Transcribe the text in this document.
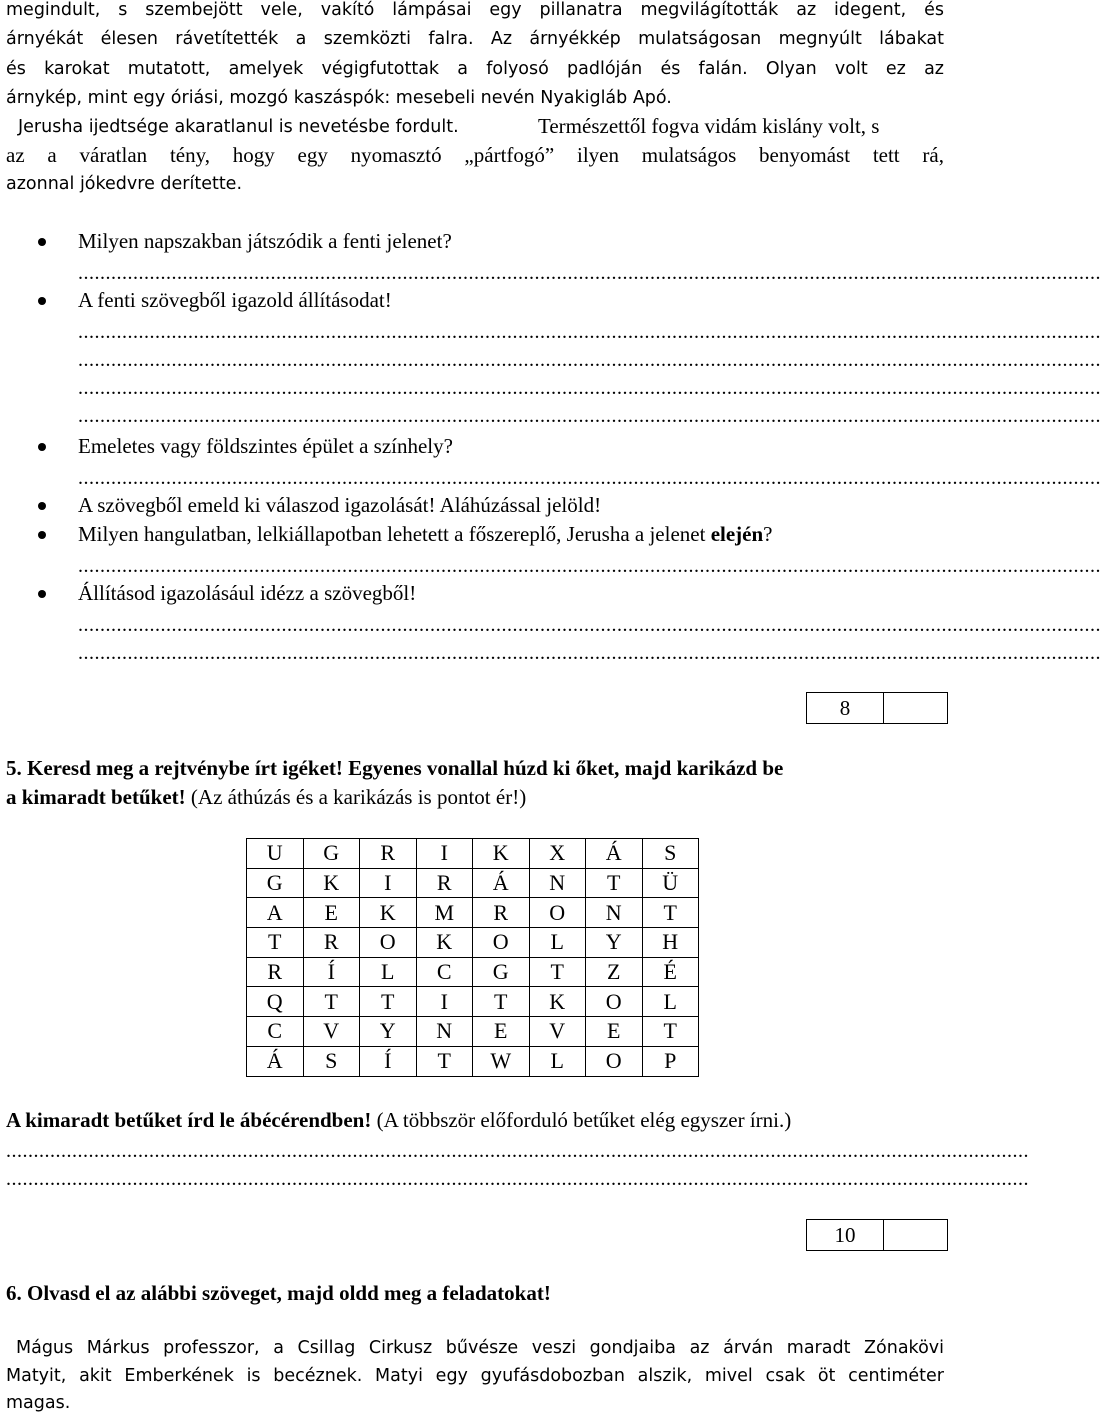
megindult, s szembejött vele, vakító lámpásai egy pillanatra megvilágították az idegent, és
árnyékát élesen rávetítették a szemközti falra. Az árnyékkép mulatságosan megnyúlt lábakat
és karokat mutatott, amelyek végigfutottak a folyosó padlóján és falán. Olyan volt ez az
árnykép, mint egy óriási, mozgó kaszáspók: mesebeli nevén Nyakigláb Apó.
Jerusha ijedtsége akaratlanul is nevetésbe fordult.	Természettől fogva vidám kislány volt, s
az a váratlan tény, hogy egy nyomasztó „pártfogó” ilyen mulatságos benyomást tett rá,
azonnal jókedvre derítette.
Milyen napszakban játszódik a fenti jelenet?
..........................................................................................................................................................................................
A fenti szövegből igazold állításodat!
..........................................................................................................................................................................................
..........................................................................................................................................................................................
..........................................................................................................................................................................................
..........................................................................................................................................................................................
Emeletes vagy földszintes épület a színhely?
..........................................................................................................................................................................................
A szövegből emeld ki válaszod igazolását! Aláhúzással jelöld!
Milyen hangulatban, lelkiállapotban lehetett a főszereplő, Jerusha a jelenet elején?
..........................................................................................................................................................................................
Állításod igazolásául idézz a szövegből!
..........................................................................................................................................................................................
..........................................................................................................................................................................................
8
5. Keresd meg a rejtvénybe írt igéket! Egyenes vonallal húzd ki őket, majd karikázd be
a kimaradt betűket! (Az áthúzás és a karikázás is pontot ér!)
U	G	R	I	K	X	Á	S
G	K	I	R	Á	N	T	Ü
A	E	K	M	R	O	N	T
T	R	O	K	O	L	Y	H
R	Í	L	C	G	T	Z	É
Q	T	T	I	T	K	O	L
C	V	Y	N	E	V	E	T
Á	S	Í	T	W	L	O	P
A kimaradt betűket írd le ábécérendben! (A többször előforduló betűket elég egyszer írni.)
..........................................................................................................................................................................................
..........................................................................................................................................................................................
10
6. Olvasd el az alábbi szöveget, majd oldd meg a feladatokat!
Mágus Márkus professzor, a Csillag Cirkusz bűvésze veszi gondjaiba az árván maradt Zónakövi
Matyit, akit Emberkének is becéznek. Matyi egy gyufásdobozban alszik, mivel csak öt centiméter
magas.
